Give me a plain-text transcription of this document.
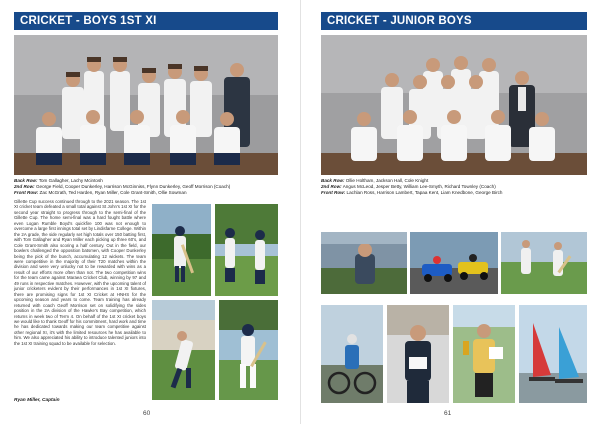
CRICKET - BOYS 1ST XI
Back Row: Tom Gallagher, Lachy Mcintosh
2nd Row: George Field, Cooper Dunkerley, Harrison McGinniss, Flynn Dunkerley, Geoff Morrison (Coach)
Front Row: Zac McGrath, Ted Harden, Ryan Miller, Cole Grant-Smith, Ollie Sowman

Gillette Cup success continued through to the 2021 season. The 1st XI cricket team defeated a small total against St John's 1st XI for the second year straight to progress through to the semi-final of the Gillette Cup. The home semi-final was a hard fought battle where even Logan Rumble Boyd's quickfire 100 was not enough to overcome a large first innings total set by Lindisfarne College. Within the 2A grade, the side regularly set high totals over 150 batting first, with Tom Gallagher and Ryan Miller each picking up three 60's, and Cole Grant-Smith also scoring a half century. Out in the field, our bowlers challenged the opposition batsmen, with Cooper Dunkerley being the pick of the bunch, accumulating 12 wickets. The team were competitive in the majority of their T20 matches within the division and were very unlucky not to be rewarded with wins as a result of our efforts more often than not. The two competition wins for the team came against Maraea Cricket Club, winning by 97 and 49 runs in respective matches. However, with the upcoming talent of junior cricketers evident by their performances in 1st XI fixtures, there are promising signs for 1st XI Cricket at HNHS for the upcoming season and years to come. Team training has already returned with coach Geoff Morrison set on solidifying the sides position in the 2A division of the Hawke's Bay competition, which returns in week two of Term 4. On behalf of the 1st XI cricket boys we would like to thank Geoff for his commitment, hard work and time he has dedicated towards making our team competitive against other regional XI, it's with the limited resources he has available to him. We also appreciated his ability to introduce talented juniors into the 1st XI training squad to be available for selection.

Ryan Miller, Captain
60
CRICKET - JUNIOR BOYS
Back Row: Ollie Holtham, Jackson Hall, Cole Knight
2nd Row: Angus McLeod, Jesper Betty, William Lee-Smyth, Richard Townley (Coach)
Front Row: Lachlan Ross, Harrison Lambert, Tapaa Kent, Liam Knedbone, George Birch
61
